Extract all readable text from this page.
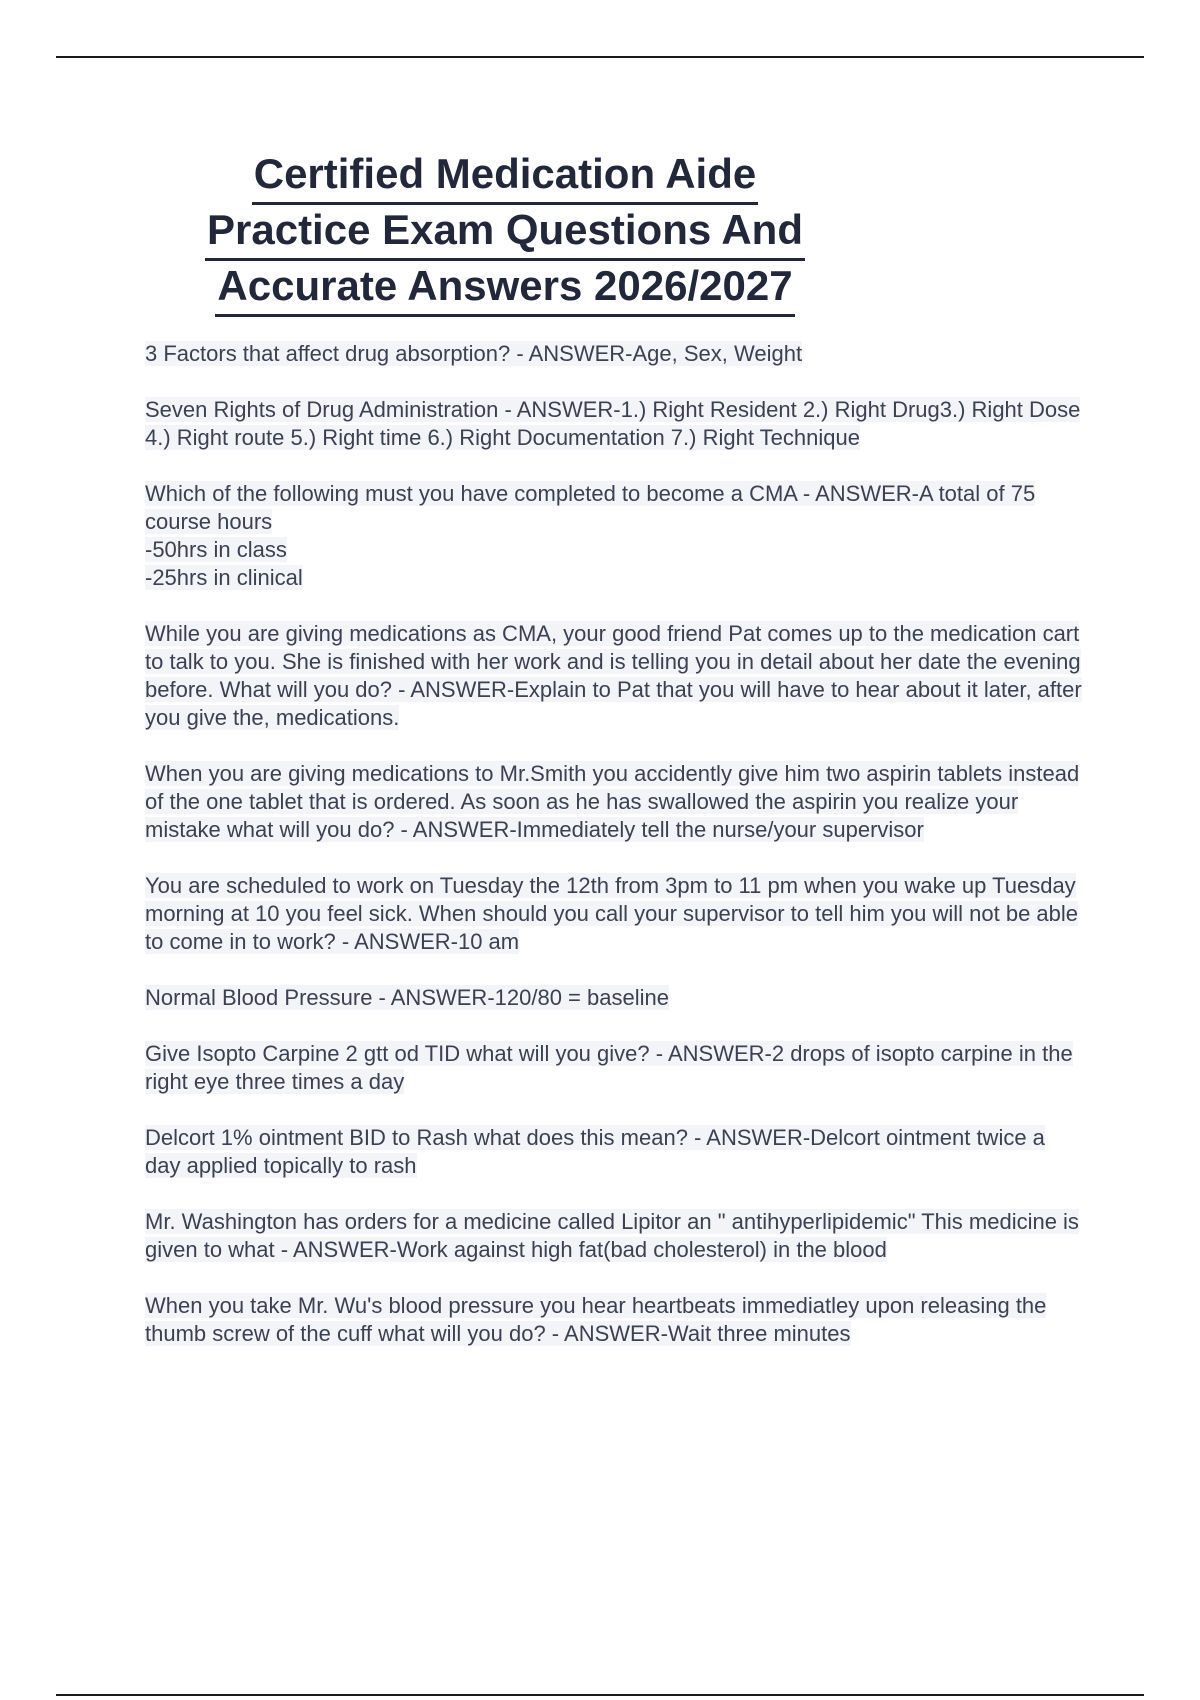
Certified Medication Aide
Practice Exam Questions And
Accurate Answers 2026/2027

3 Factors that affect drug absorption? - ANSWER-Age, Sex, Weight

Seven Rights of Drug Administration - ANSWER-1.) Right Resident 2.) Right Drug3.) Right Dose 4.) Right route 5.) Right time 6.) Right Documentation 7.) Right Technique

Which of the following must you have completed to become a CMA - ANSWER-A total of 75 course hours
-50hrs in class
-25hrs in clinical

While you are giving medications as CMA, your good friend Pat comes up to the medication cart to talk to you. She is finished with her work and is telling you in detail about her date the evening before. What will you do? - ANSWER-Explain to Pat that you will have to hear about it later, after you give the, medications.

When you are giving medications to Mr.Smith you accidently give him two aspirin tablets instead of the one tablet that is ordered. As soon as he has swallowed the aspirin you realize your mistake what will you do? - ANSWER-Immediately tell the nurse/your supervisor

You are scheduled to work on Tuesday the 12th from 3pm to 11 pm when you wake up Tuesday morning at 10 you feel sick. When should you call your supervisor to tell him you will not be able to come in to work? - ANSWER-10 am

Normal Blood Pressure - ANSWER-120/80 = baseline

Give Isopto Carpine 2 gtt od TID what will you give? - ANSWER-2 drops of isopto carpine in the right eye three times a day

Delcort 1% ointment BID to Rash what does this mean? - ANSWER-Delcort ointment twice a day applied topically to rash

Mr. Washington has orders for a medicine called Lipitor an " antihyperlipidemic" This medicine is given to what - ANSWER-Work against high fat(bad cholesterol) in the blood

When you take Mr. Wu's blood pressure you hear heartbeats immediatley upon releasing the thumb screw of the cuff what will you do? - ANSWER-Wait three minutes
